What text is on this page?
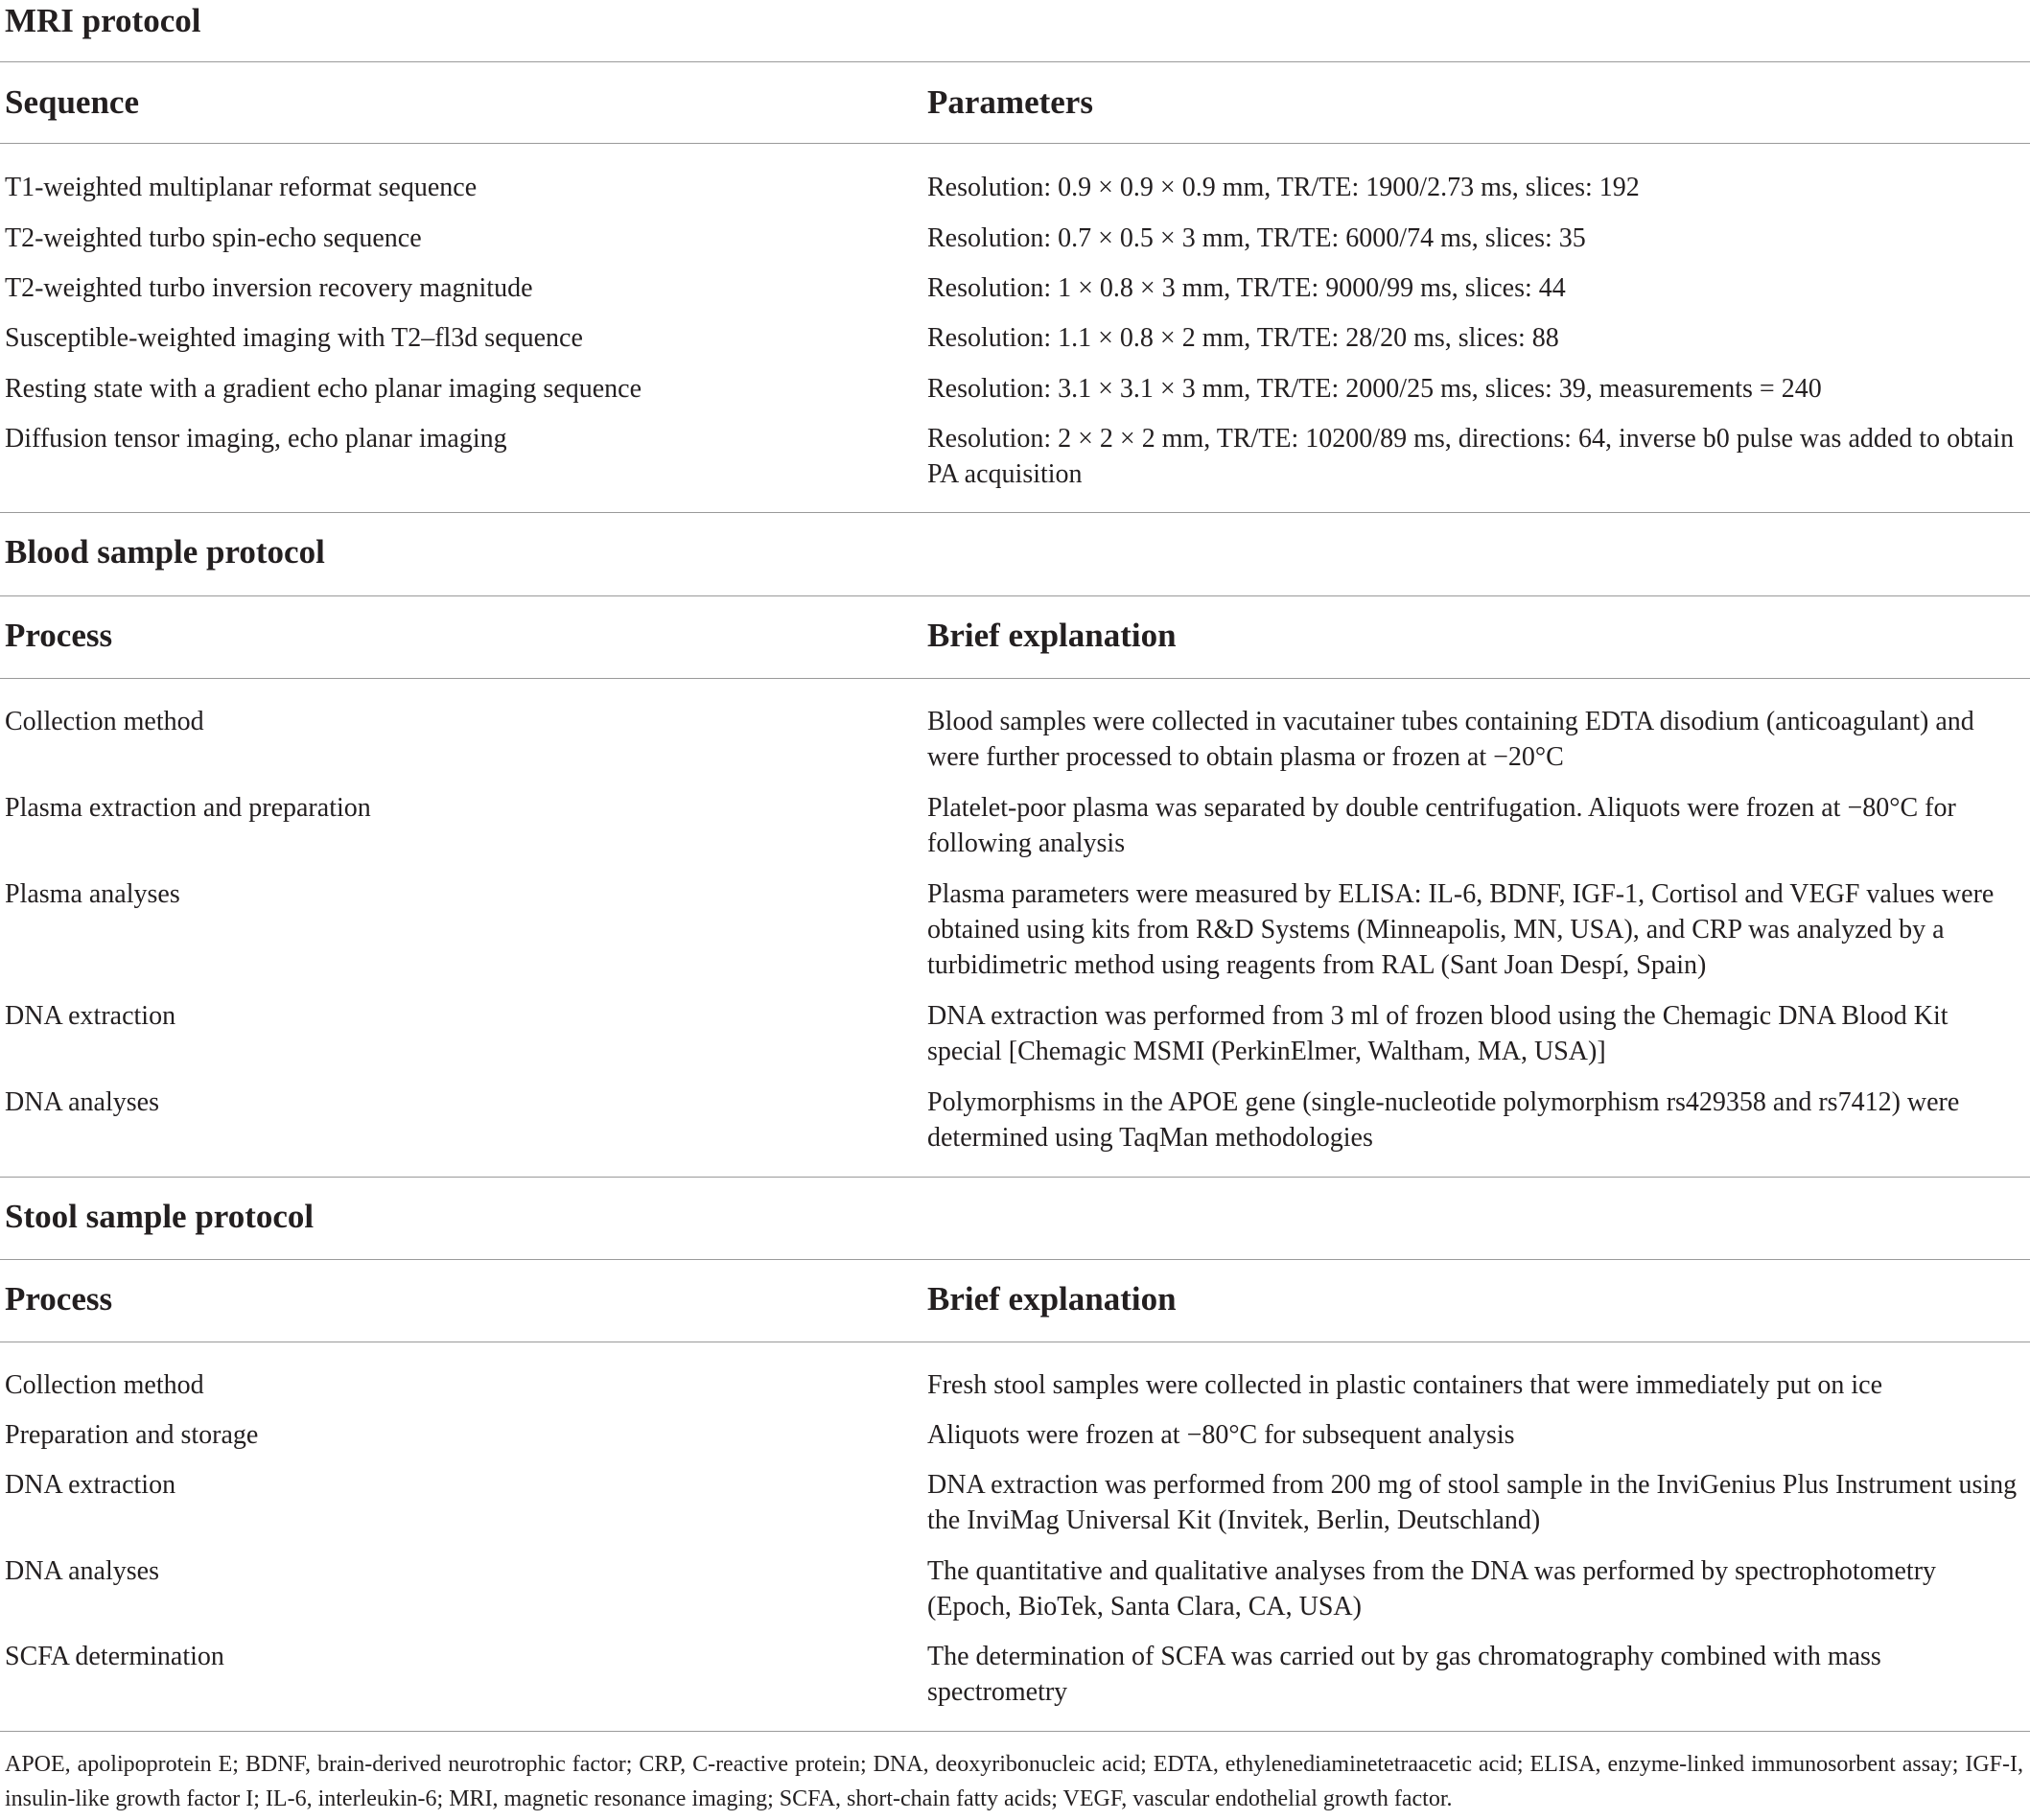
MRI protocol
Sequence	Parameters
T1-weighted multiplanar reformat sequence	Resolution: 0.9 × 0.9 × 0.9 mm, TR/TE: 1900/2.73 ms, slices: 192
T2-weighted turbo spin-echo sequence	Resolution: 0.7 × 0.5 × 3 mm, TR/TE: 6000/74 ms, slices: 35
T2-weighted turbo inversion recovery magnitude	Resolution: 1 × 0.8 × 3 mm, TR/TE: 9000/99 ms, slices: 44
Susceptible-weighted imaging with T2–fl3d sequence	Resolution: 1.1 × 0.8 × 2 mm, TR/TE: 28/20 ms, slices: 88
Resting state with a gradient echo planar imaging sequence	Resolution: 3.1 × 3.1 × 3 mm, TR/TE: 2000/25 ms, slices: 39, measurements = 240
Diffusion tensor imaging, echo planar imaging	Resolution: 2 × 2 × 2 mm, TR/TE: 10200/89 ms, directions: 64, inverse b0 pulse was added to obtain PA acquisition
Blood sample protocol
Process	Brief explanation
Collection method	Blood samples were collected in vacutainer tubes containing EDTA disodium (anticoagulant) and were further processed to obtain plasma or frozen at −20°C
Plasma extraction and preparation	Platelet-poor plasma was separated by double centrifugation. Aliquots were frozen at −80°C for following analysis
Plasma analyses	Plasma parameters were measured by ELISA: IL-6, BDNF, IGF-1, Cortisol and VEGF values were obtained using kits from R&D Systems (Minneapolis, MN, USA), and CRP was analyzed by a turbidimetric method using reagents from RAL (Sant Joan Despí, Spain)
DNA extraction	DNA extraction was performed from 3 ml of frozen blood using the Chemagic DNA Blood Kit special [Chemagic MSMI (PerkinElmer, Waltham, MA, USA)]
DNA analyses	Polymorphisms in the APOE gene (single-nucleotide polymorphism rs429358 and rs7412) were determined using TaqMan methodologies
Stool sample protocol
Process	Brief explanation
Collection method	Fresh stool samples were collected in plastic containers that were immediately put on ice
Preparation and storage	Aliquots were frozen at −80°C for subsequent analysis
DNA extraction	DNA extraction was performed from 200 mg of stool sample in the InviGenius Plus Instrument using the InviMag Universal Kit (Invitek, Berlin, Deutschland)
DNA analyses	The quantitative and qualitative analyses from the DNA was performed by spectrophotometry (Epoch, BioTek, Santa Clara, CA, USA)
SCFA determination	The determination of SCFA was carried out by gas chromatography combined with mass spectrometry
APOE, apolipoprotein E; BDNF, brain-derived neurotrophic factor; CRP, C-reactive protein; DNA, deoxyribonucleic acid; EDTA, ethylenediaminetetraacetic acid; ELISA, enzyme-linked immunosorbent assay; IGF-I, insulin-like growth factor I; IL-6, interleukin-6; MRI, magnetic resonance imaging; SCFA, short-chain fatty acids; VEGF, vascular endothelial growth factor.
